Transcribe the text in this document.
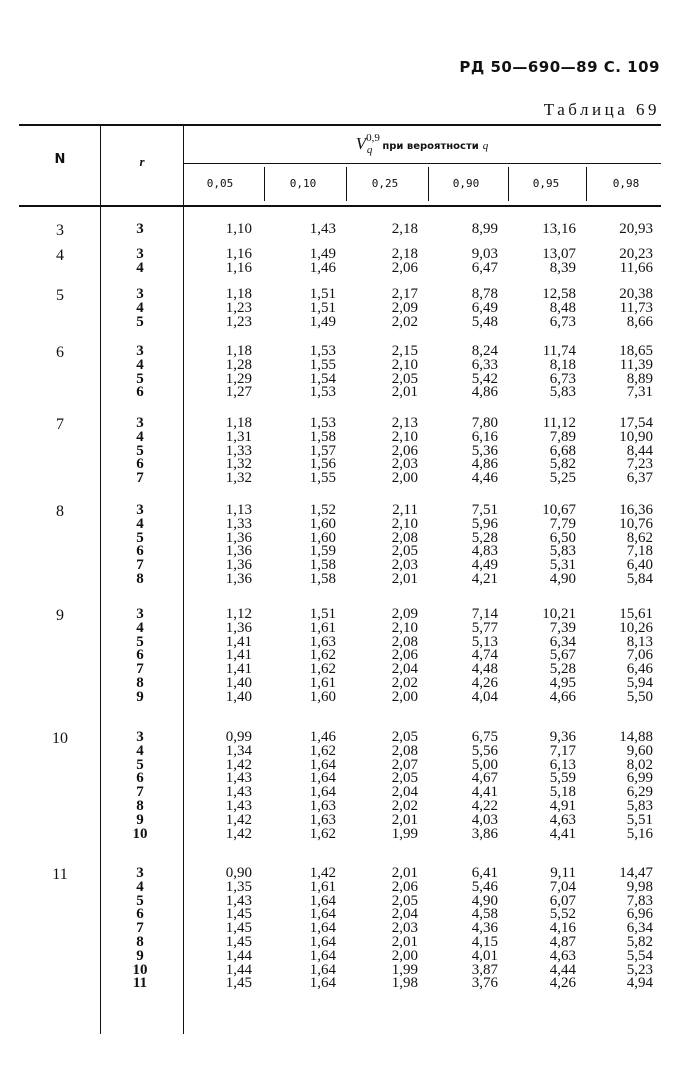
РД 50—690—89 С. 109
Таблица 69
N	r
V$^{0,9}_q$ при вероятности q
0,05	0,10	0,25	0,90	0,95	0,98
3	3	1,10	1,43	2,18	8,99	13,16	20,93
4	3	1,16	1,49	2,18	9,03	13,07	20,23
4	1,16	1,46	2,06	6,47	8,39	11,66
5	3	1,18	1,51	2,17	8,78	12,58	20,38
4	1,23	1,51	2,09	6,49	8,48	11,73
5	1,23	1,49	2,02	5,48	6,73	8,66
6	3	1,18	1,53	2,15	8,24	11,74	18,65
4	1,28	1,55	2,10	6,33	8,18	11,39
5	1,29	1,54	2,05	5,42	6,73	8,89
6	1,27	1,53	2,01	4,86	5,83	7,31
7	3	1,18	1,53	2,13	7,80	11,12	17,54
4	1,31	1,58	2,10	6,16	7,89	10,90
5	1,33	1,57	2,06	5,36	6,68	8,44
6	1,32	1,56	2,03	4,86	5,82	7,23
7	1,32	1,55	2,00	4,46	5,25	6,37
8	3	1,13	1,52	2,11	7,51	10,67	16,36
4	1,33	1,60	2,10	5,96	7,79	10,76
5	1,36	1,60	2,08	5,28	6,50	8,62
6	1,36	1,59	2,05	4,83	5,83	7,18
7	1,36	1,58	2,03	4,49	5,31	6,40
8	1,36	1,58	2,01	4,21	4,90	5,84
9	3	1,12	1,51	2,09	7,14	10,21	15,61
4	1,36	1,61	2,10	5,77	7,39	10,26
5	1,41	1,63	2,08	5,13	6,34	8,13
6	1,41	1,62	2,06	4,74	5,67	7,06
7	1,41	1,62	2,04	4,48	5,28	6,46
8	1,40	1,61	2,02	4,26	4,95	5,94
9	1,40	1,60	2,00	4,04	4,66	5,50
10	3	0,99	1,46	2,05	6,75	9,36	14,88
4	1,34	1,62	2,08	5,56	7,17	9,60
5	1,42	1,64	2,07	5,00	6,13	8,02
6	1,43	1,64	2,05	4,67	5,59	6,99
7	1,43	1,64	2,04	4,41	5,18	6,29
8	1,43	1,63	2,02	4,22	4,91	5,83
9	1,42	1,63	2,01	4,03	4,63	5,51
10	1,42	1,62	1,99	3,86	4,41	5,16
11	3	0,90	1,42	2,01	6,41	9,11	14,47
4	1,35	1,61	2,06	5,46	7,04	9,98
5	1,43	1,64	2,05	4,90	6,07	7,83
6	1,45	1,64	2,04	4,58	5,52	6,96
7	1,45	1,64	2,03	4,36	4,16	6,34
8	1,45	1,64	2,01	4,15	4,87	5,82
9	1,44	1,64	2,00	4,01	4,63	5,54
10	1,44	1,64	1,99	3,87	4,44	5,23
11	1,45	1,64	1,98	3,76	4,26	4,94
